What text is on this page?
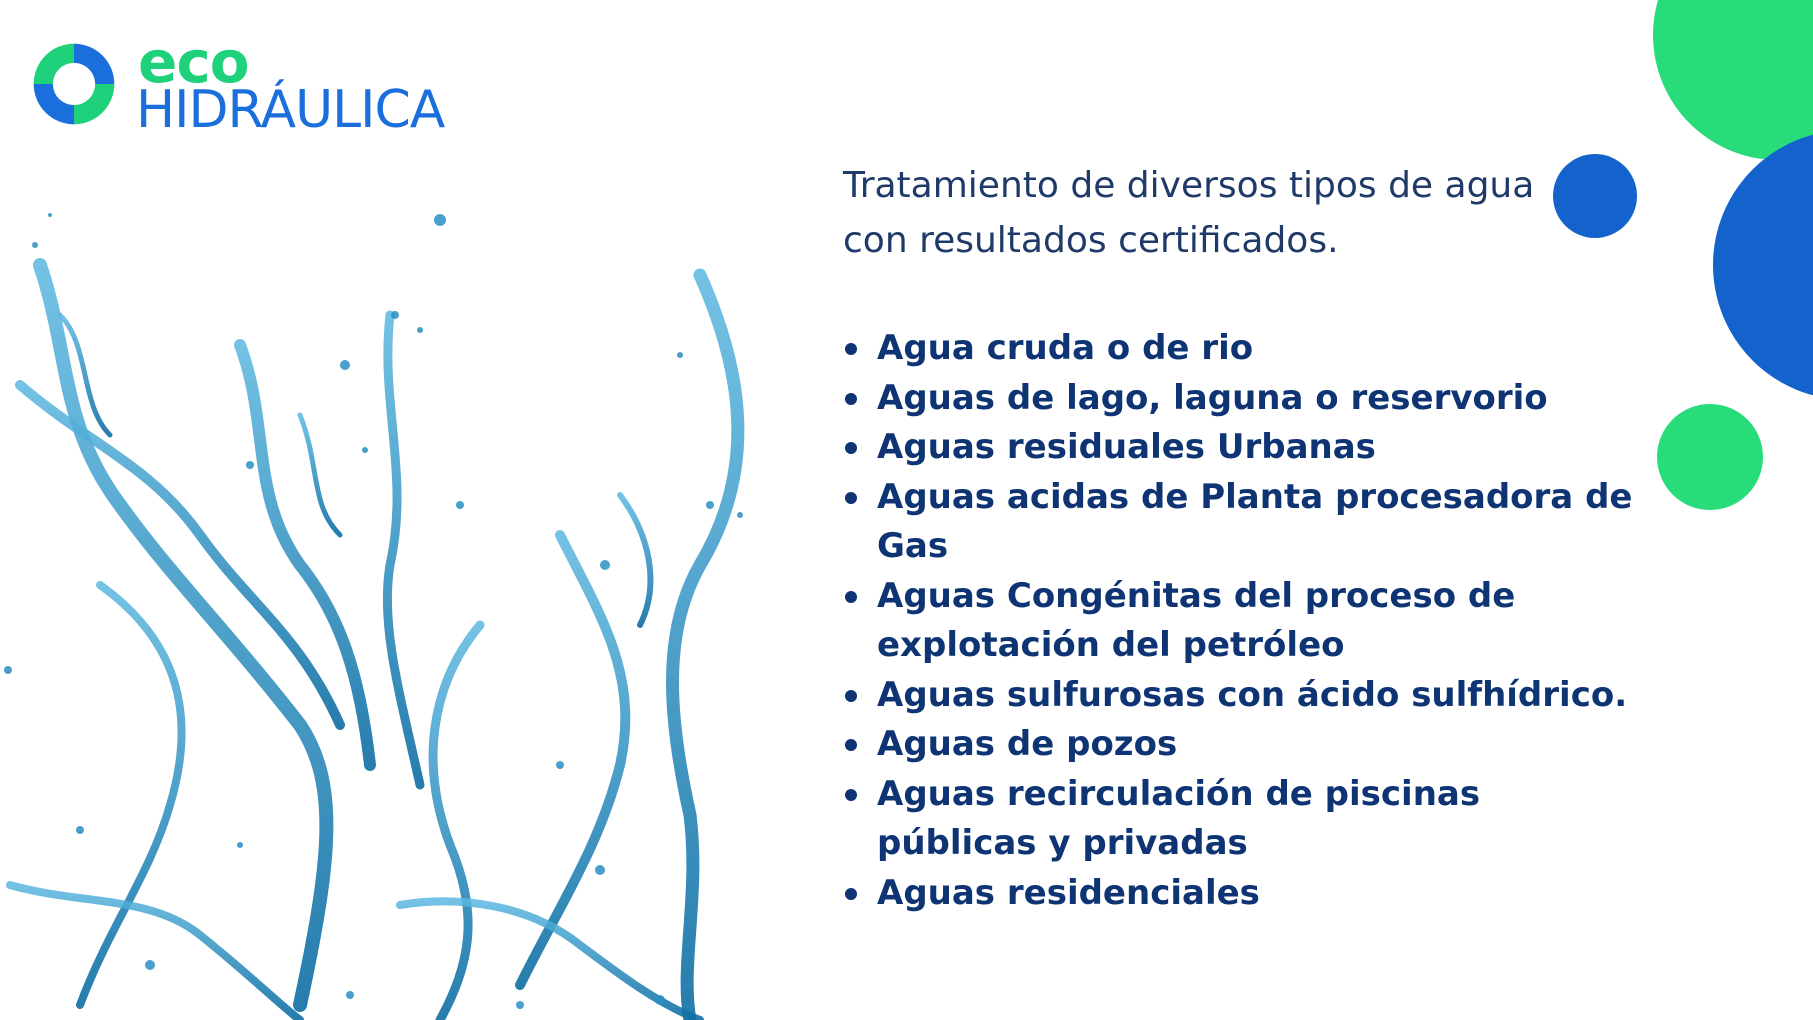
eco
HIDRÁULICA

Tratamiento de diversos tipos de agua con resultados certificados.

Agua cruda o de rio
Aguas de lago, laguna o reservorio
Aguas residuales Urbanas
Aguas acidas de Planta procesadora de Gas
Aguas Congénitas del proceso de explotación del petróleo
Aguas sulfurosas con ácido sulfhídrico.
Aguas de pozos
Aguas recirculación de piscinas públicas y privadas
Aguas residenciales
